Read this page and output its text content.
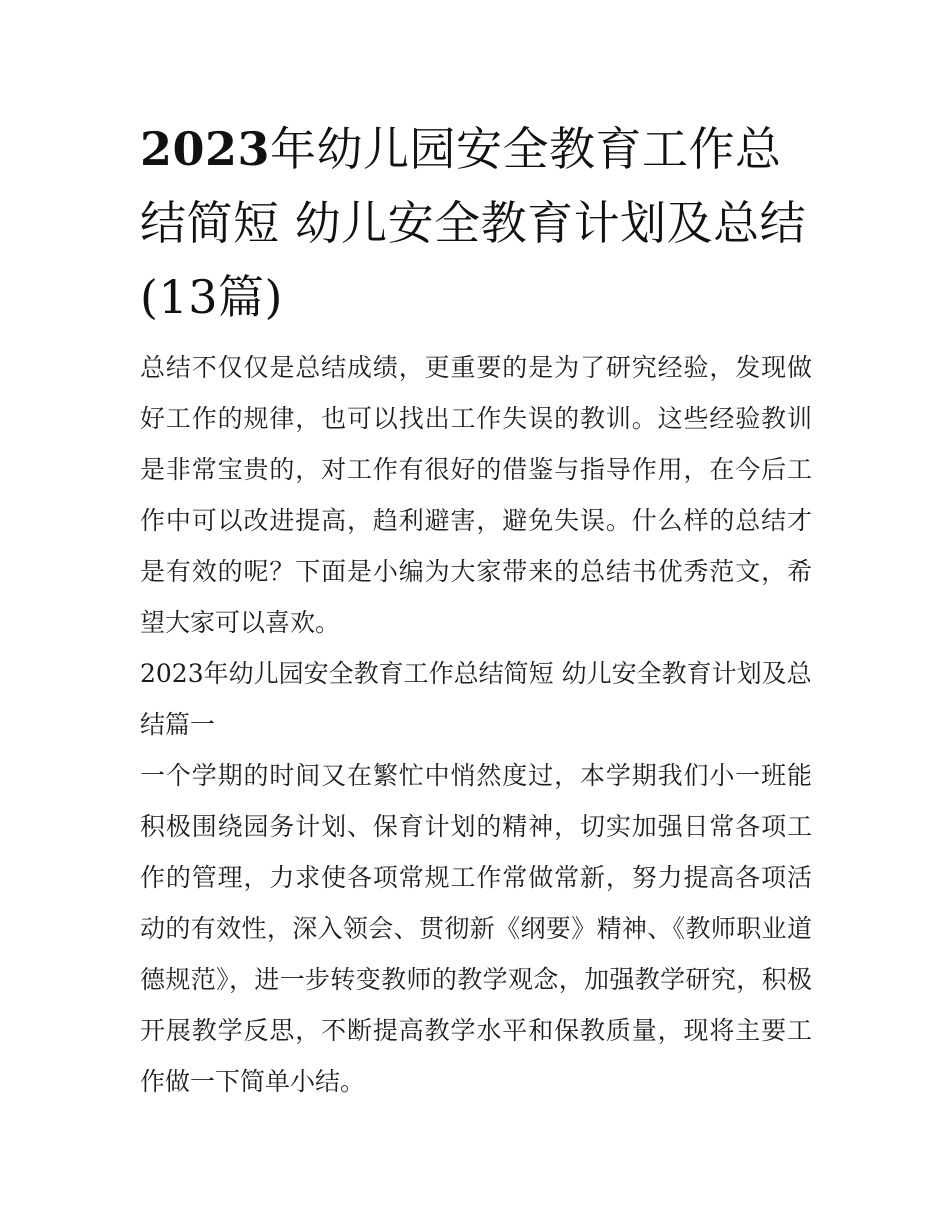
2023年幼儿园安全教育工作总结简短 幼儿安全教育计划及总结(13篇)

总结不仅仅是总结成绩，更重要的是为了研究经验，发现做好工作的规律，也可以找出工作失误的教训。这些经验教训是非常宝贵的，对工作有很好的借鉴与指导作用，在今后工作中可以改进提高，趋利避害，避免失误。什么样的总结才是有效的呢？下面是小编为大家带来的总结书优秀范文，希望大家可以喜欢。

2023年幼儿园安全教育工作总结简短 幼儿安全教育计划及总结篇一

一个学期的时间又在繁忙中悄然度过，本学期我们小一班能积极围绕园务计划、保育计划的精神，切实加强日常各项工作的管理，力求使各项常规工作常做常新，努力提高各项活动的有效性，深入领会、贯彻新《纲要》精神、《教师职业道德规范》，进一步转变教师的教学观念，加强教学研究，积极开展教学反思，不断提高教学水平和保教质量，现将主要工作做一下简单小结。
